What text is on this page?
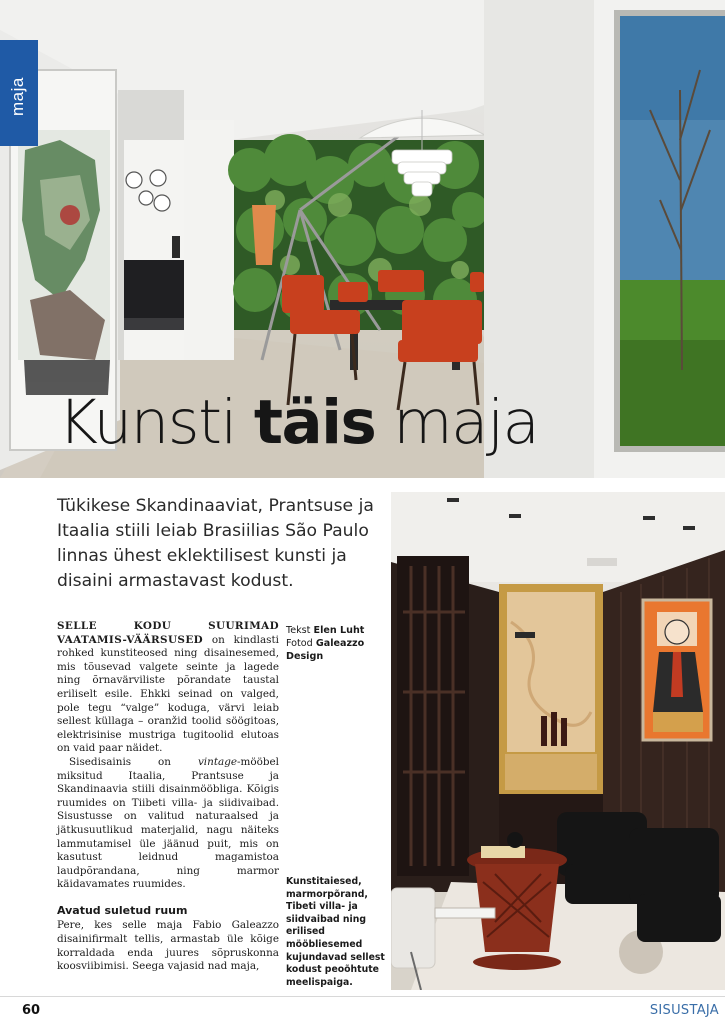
maja
Kunsti täis maja

Tükikese Skandinaaviat, Prantsuse ja Itaalia stiili leiab Brasiilias São Paulo linnas ühest eklektilisest kunsti ja disaini armastavast kodust.

SELLE KODU SUURIMAD VAATAMIS-VÄÄRSUSED on kindlasti rohked kunstiteosed ning disainesemed, mis tõusevad valgete seinte ja lagede ning õrnavärviliste põrandate taustal eriliselt esile. Ehkki seinad on valged, pole tegu “valge” koduga, värvi leiab sellest küllaga – oranžid toolid söögitoas, elektrisinise mustriga tugitoolid elutoas on vaid paar näidet.

Sisedisainis on vintage-mööbel miksitud Itaalia, Prantsuse ja Skandinaavia stiili disainmööbliga. Kõigis ruumides on Tiibeti villa- ja siidivaibad. Sisustusse on valitud naturaalsed ja jätkusuutlikud materjalid, nagu näiteks lammutamisel üle jäänud puit, mis on kasutust leidnud magamistoa laudpõrandana, ning marmor käidavamates ruumides.

Avatud suletud ruum

Pere, kes selle maja Fabio Galeazzo disainifirmalt tellis, armastab üle kõige korraldada enda juures sõpruskonna koosviibimisi. Seega vajasid nad maja,

Tekst Elen Luht
Fotod Galeazzo Design
Kunstitaiesed, marmorpõrand, Tibeti villa- ja siidvaibad ning erilised mööbliesemed kujundavad sellest kodust peoõhtute meelispaiga.
60	SISUSTAJA
